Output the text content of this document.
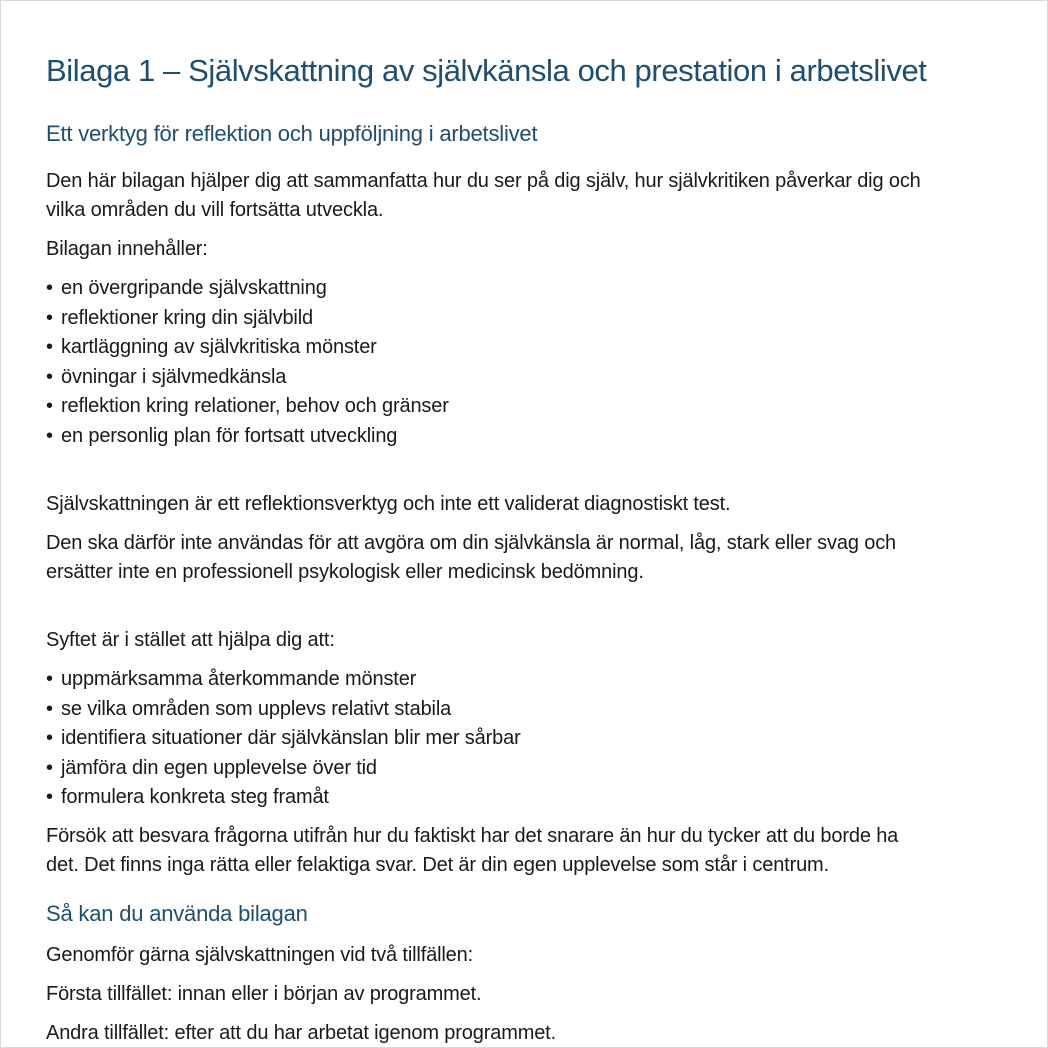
Bilaga 1 – Självskattning av självkänsla och prestation i arbetslivet
Ett verktyg för reflektion och uppföljning i arbetslivet

Den här bilagan hjälper dig att sammanfatta hur du ser på dig själv, hur självkritiken påverkar dig och
vilka områden du vill fortsätta utveckla.

Bilagan innehåller:

• en övergripande självskattning
• reflektioner kring din självbild
• kartläggning av självkritiska mönster
• övningar i självmedkänsla
• reflektion kring relationer, behov och gränser
• en personlig plan för fortsatt utveckling

Självskattningen är ett reflektionsverktyg och inte ett validerat diagnostiskt test.

Den ska därför inte användas för att avgöra om din självkänsla är normal, låg, stark eller svag och
ersätter inte en professionell psykologisk eller medicinsk bedömning.

Syftet är i stället att hjälpa dig att:

• uppmärksamma återkommande mönster
• se vilka områden som upplevs relativt stabila
• identifiera situationer där självkänslan blir mer sårbar
• jämföra din egen upplevelse över tid
• formulera konkreta steg framåt

Försök att besvara frågorna utifrån hur du faktiskt har det snarare än hur du tycker att du borde ha
det. Det finns inga rätta eller felaktiga svar. Det är din egen upplevelse som står i centrum.

Så kan du använda bilagan

Genomför gärna självskattningen vid två tillfällen:

Första tillfället: innan eller i början av programmet.

Andra tillfället: efter att du har arbetat igenom programmet.
